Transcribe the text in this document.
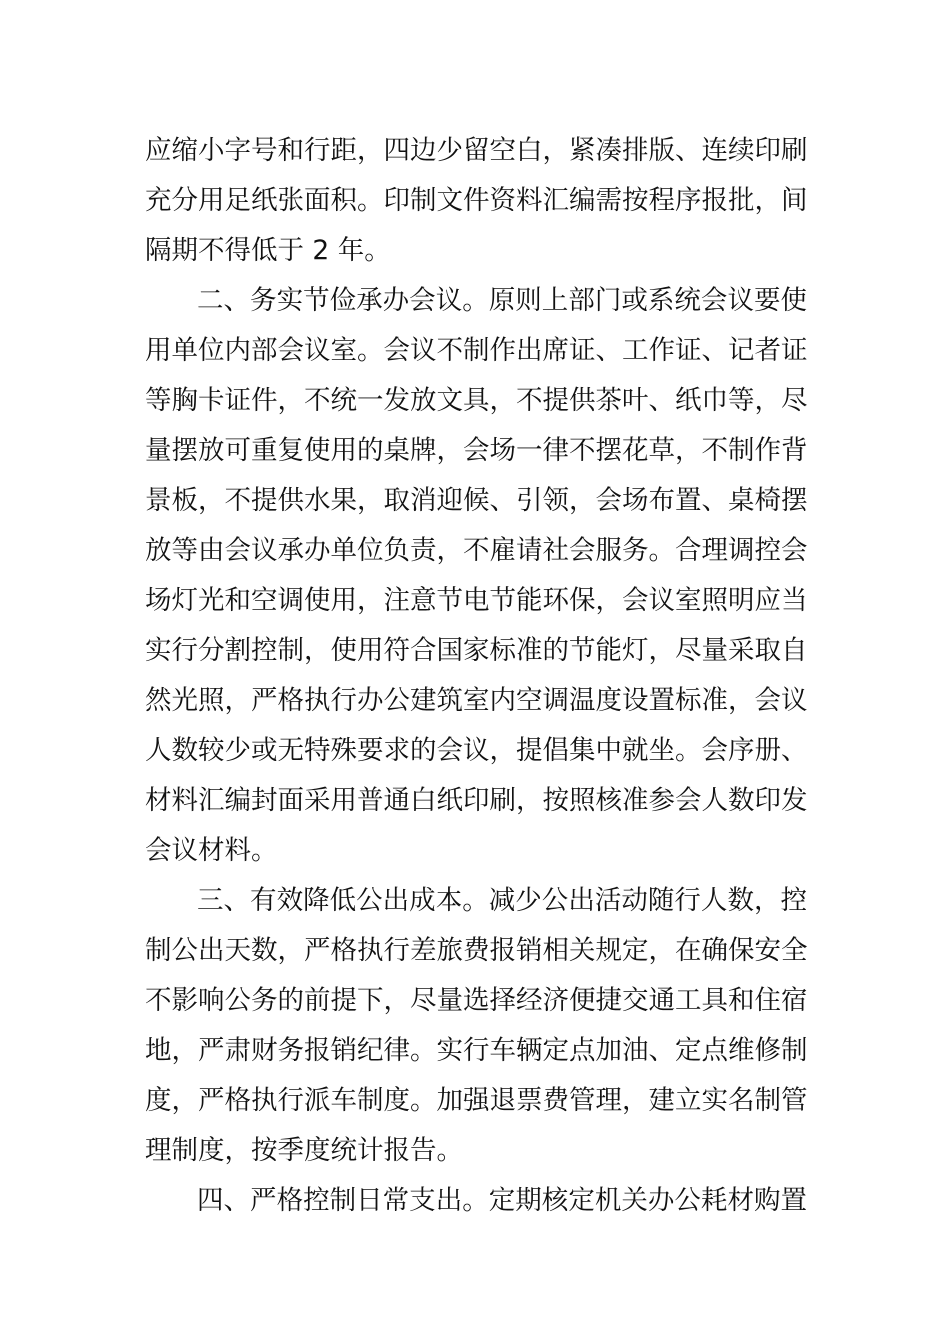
应缩小字号和行距，四边少留空白，紧凑排版、连续印刷
充分用足纸张面积。印制文件资料汇编需按程序报批，间
隔期不得低于 2 年。
二、务实节俭承办会议。原则上部门或系统会议要使
用单位内部会议室。会议不制作出席证、工作证、记者证
等胸卡证件，不统一发放文具，不提供茶叶、纸巾等，尽
量摆放可重复使用的桌牌，会场一律不摆花草，不制作背
景板，不提供水果，取消迎候、引领，会场布置、桌椅摆
放等由会议承办单位负责，不雇请社会服务。合理调控会
场灯光和空调使用，注意节电节能环保，会议室照明应当
实行分割控制，使用符合国家标准的节能灯，尽量采取自
然光照，严格执行办公建筑室内空调温度设置标准，会议
人数较少或无特殊要求的会议，提倡集中就坐。会序册、
材料汇编封面采用普通白纸印刷，按照核准参会人数印发
会议材料。
三、有效降低公出成本。减少公出活动随行人数，控
制公出天数，严格执行差旅费报销相关规定，在确保安全
不影响公务的前提下，尽量选择经济便捷交通工具和住宿
地，严肃财务报销纪律。实行车辆定点加油、定点维修制
度，严格执行派车制度。加强退票费管理，建立实名制管
理制度，按季度统计报告。
四、严格控制日常支出。定期核定机关办公耗材购置
